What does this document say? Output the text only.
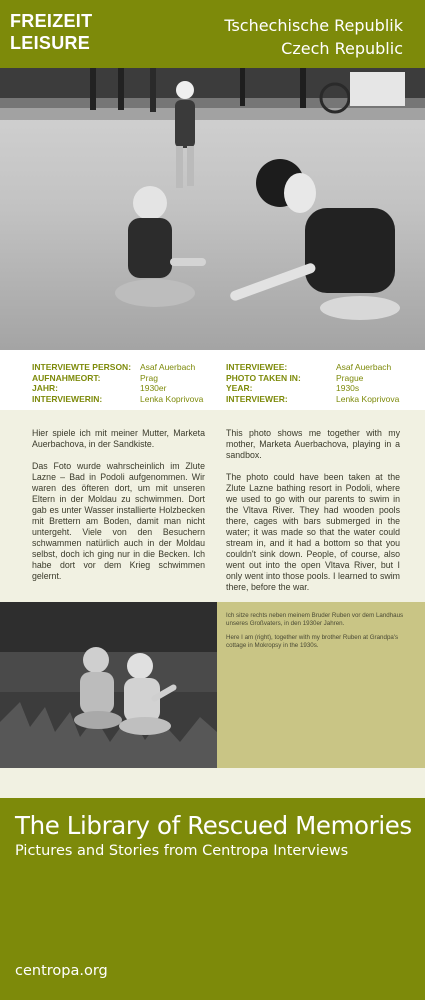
FREIZEIT
LEISURE
Tschechische Republik
Czech Republic
INTERVIEWTE PERSON:
AUFNAHMEORT:
JAHR:
INTERVIEWERIN:
Asaf Auerbach
Prag
1930er
Lenka Koprivova
INTERVIEWEE:
PHOTO TAKEN IN:
YEAR:
INTERVIEWER:
Asaf Auerbach
Prague
1930s
Lenka Koprivova

Hier spiele ich mit meiner Mutter, Marketa Auerbachova, in der Sandkiste.

Das Foto wurde wahrscheinlich im Zlute Lazne – Bad in Podoli aufgenommen. Wir waren des öfteren dort, um mit unseren Eltern in der Moldau zu schwimmen. Dort gab es unter Wasser installierte Holzbecken mit Brettern am Boden, damit man nicht untergeht. Viele von den Besuchern schwammen natürlich auch in der Moldau selbst, doch ich ging nur in die Becken. Ich habe dort vor dem Krieg schwimmen gelernt.

This photo shows me together with my mother, Marketa Auerbachova, playing in a sandbox.

The photo could have been taken at the Zlute Lazne bathing resort in Podoli, where we used to go with our parents to swim in the Vltava River. They had wooden pools there, cages with bars submerged in the water; it was made so that the water could stream in, and it had a bottom so that you couldn't sink down. People, of course, also went out into the open Vltava River, but I only went into those pools. I learned to swim there, before the war.

Ich sitze rechts neben meinem Bruder Ruben vor dem Landhaus unseres Großvaters, in den 1930er Jahren.

Here I am (right), together with my brother Ruben at Grandpa's cottage in Mokropsy in the 1930s.

The Library of Rescued Memories
Pictures and Stories from Centropa Interviews
centropa.org
